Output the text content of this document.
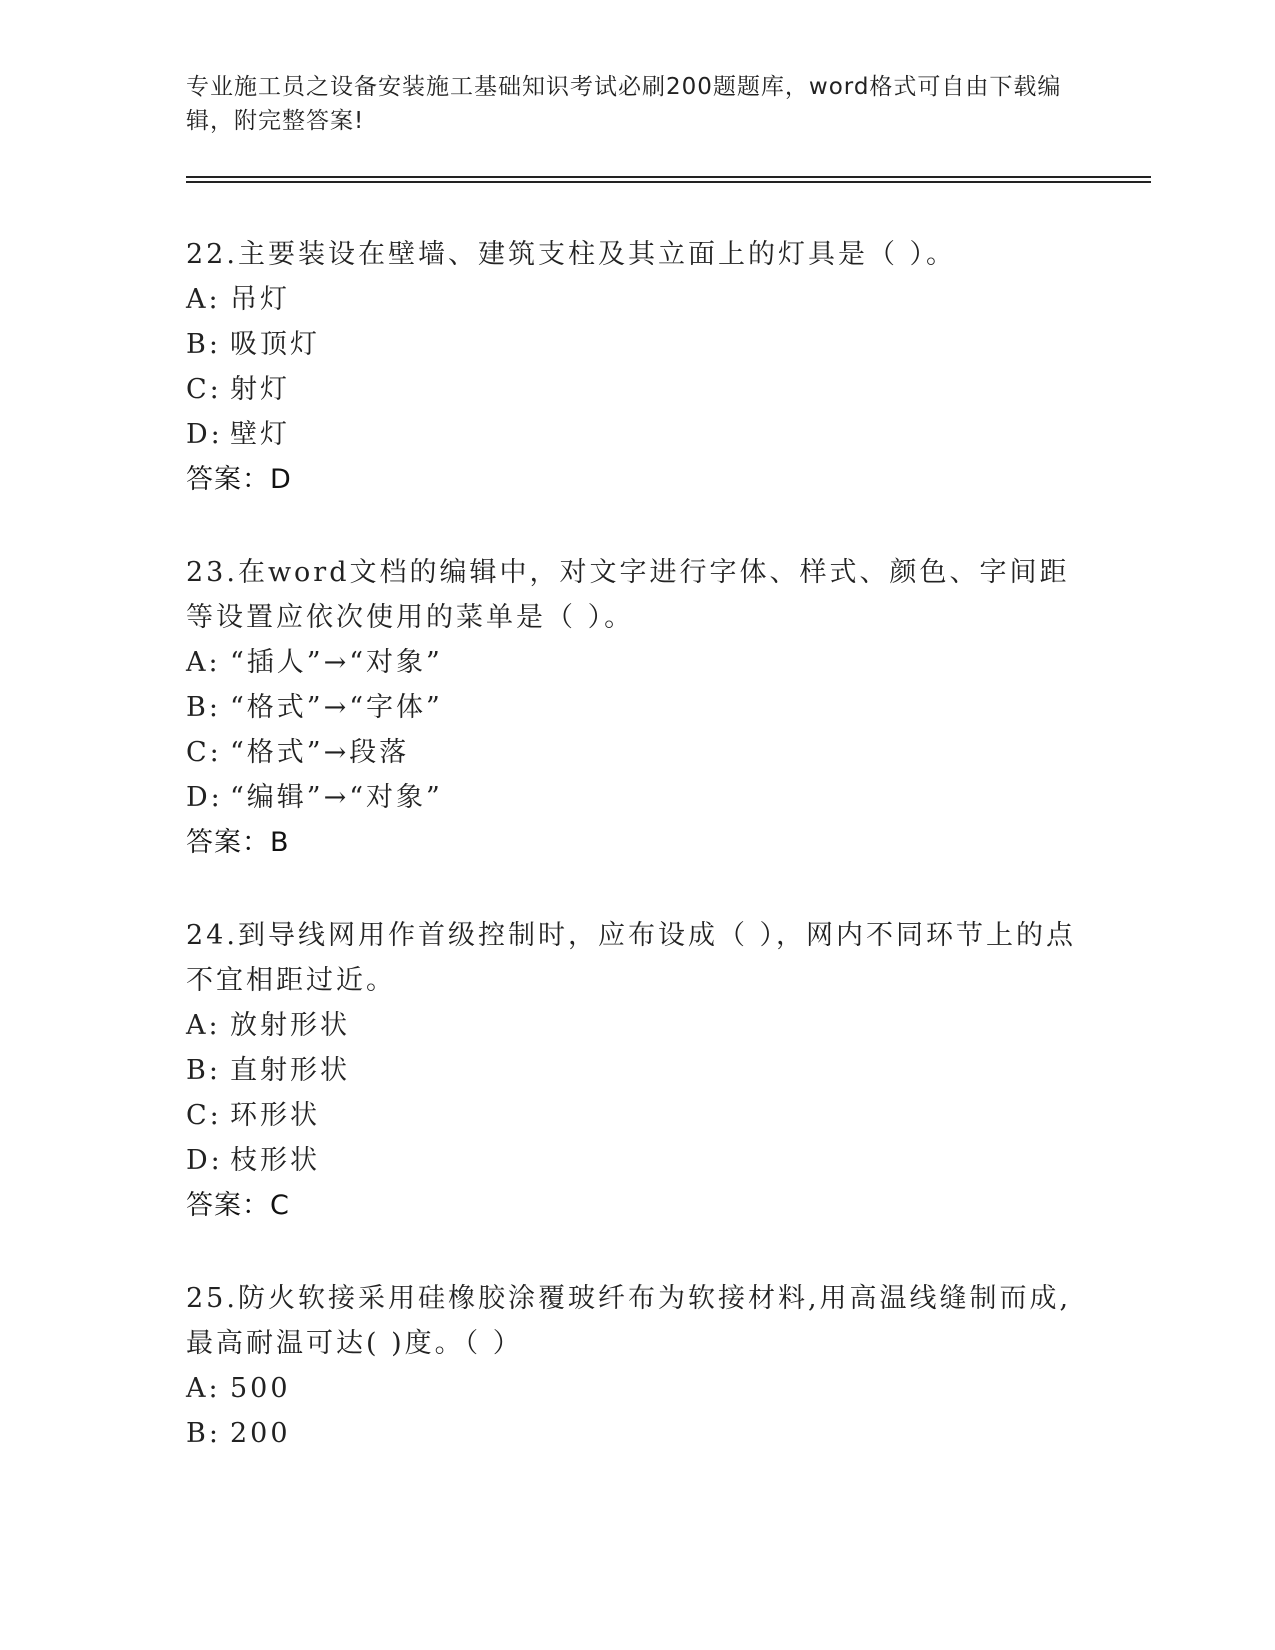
专业施工员之设备安装施工基础知识考试必刷200题题库，word格式可自由下载编辑，附完整答案!
22.主要装设在壁墙、建筑支柱及其立面上的灯具是（ ）。
A: 吊灯
B: 吸顶灯
C: 射灯
D: 壁灯
答案：D
23.在word文档的编辑中，对文字进行字体、样式、颜色、字间距等设置应依次使用的菜单是（ ）。
A: “插人”→“对象”
B: “格式”→“字体”
C: “格式”→段落
D: “编辑”→“对象”
答案：B
24.到导线网用作首级控制时，应布设成（ ），网内不同环节上的点不宜相距过近。
A: 放射形状
B: 直射形状
C: 环形状
D: 枝形状
答案：C
25.防火软接采用硅橡胶涂覆玻纤布为软接材料,用高温线缝制而成,最高耐温可达( )度。（ ）
A: 500
B: 200
